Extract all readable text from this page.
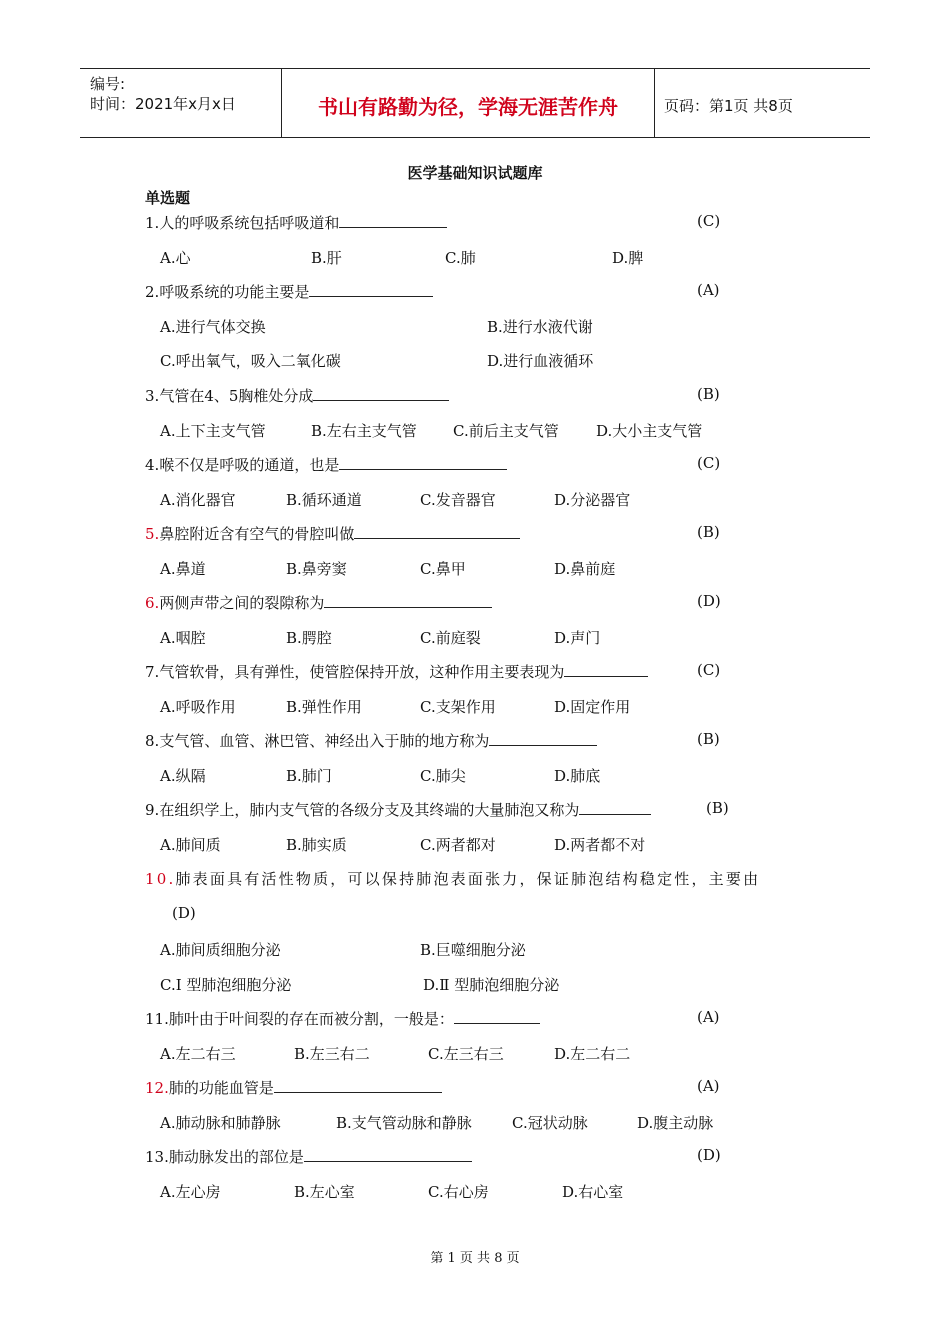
编号:
时间：2021年x月x日	书山有路勤为径，学海无涯苦作舟	页码：第1页 共8页
医学基础知识试题库
单选题
1.人的呼吸系统包括呼吸道和	(C)
A.心	B.肝	C.肺	D.脾
2.呼吸系统的功能主要是	(A)
A.进行气体交换	B.进行水液代谢
C.呼出氧气，吸入二氧化碳	D.进行血液循环
3.气管在4、5胸椎处分成	(B)
A.上下主支气管	B.左右主支气管 C.前后主支气管 D.大小主支气管
4.喉不仅是呼吸的通道，也是	(C)
A.消化器官	B.循环通道	C.发音器官	D.分泌器官
5.鼻腔附近含有空气的骨腔叫做	(B)
A.鼻道	B.鼻旁窦	C.鼻甲	D.鼻前庭
6.两侧声带之间的裂隙称为	(D)
A.咽腔	B.腭腔	C.前庭裂	D.声门
7.气管软骨，具有弹性，使管腔保持开放，这种作用主要表现为	(C)
A.呼吸作用	B.弹性作用	C.支架作用	D.固定作用
8.支气管、血管、淋巴管、神经出入于肺的地方称为	(B)
A.纵隔	B.肺门	C.肺尖	D.肺底
9.在组织学上，肺内支气管的各级分支及其终端的大量肺泡又称为	(B)
A.肺间质	B.肺实质	C.两者都对	D.两者都不对
10.肺表面具有活性物质，可以保持肺泡表面张力，保证肺泡结构稳定性，主要由
(D)
A.肺间质细胞分泌	B.巨噬细胞分泌
C.Ⅰ 型肺泡细胞分泌	D.Ⅱ 型肺泡细胞分泌
11.肺叶由于叶间裂的存在而被分割，一般是：	(A)
A.左二右三	B.左三右二	C.左三右三	D.左二右二
12.肺的功能血管是	(A)
A.肺动脉和肺静脉	B.支气管动脉和静脉	C.冠状动脉	D.腹主动脉
13.肺动脉发出的部位是	(D)
A.左心房	B.左心室	C.右心房	D.右心室
第 1 页 共 8 页
